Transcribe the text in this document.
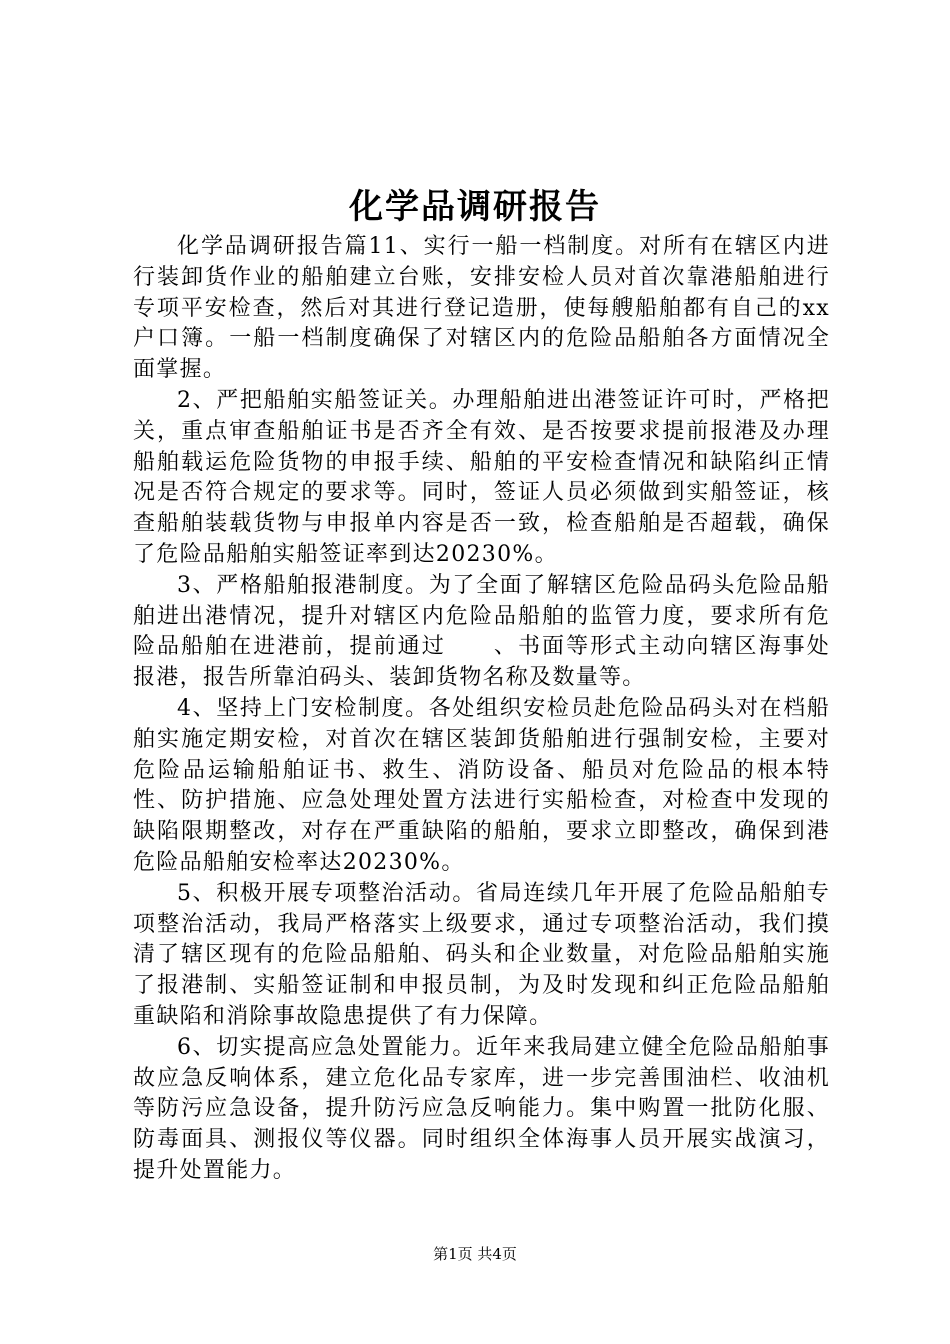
化学品调研报告

化学品调研报告篇11、实行一船一档制度。对所有在辖区内进行装卸货作业的船舶建立台账，安排安检人员对首次靠港船舶进行专项平安检查，然后对其进行登记造册，使每艘船舶都有自己的xx户口簿。一船一档制度确保了对辖区内的危险品船舶各方面情况全面掌握。

2、严把船舶实船签证关。办理船舶进出港签证许可时，严格把关，重点审查船舶证书是否齐全有效、是否按要求提前报港及办理船舶载运危险货物的申报手续、船舶的平安检查情况和缺陷纠正情况是否符合规定的要求等。同时，签证人员必须做到实船签证，核查船舶装载货物与申报单内容是否一致，检查船舶是否超载，确保了危险品船舶实船签证率到达20230%。

3、严格船舶报港制度。为了全面了解辖区危险品码头危险品船舶进出港情况，提升对辖区内危险品船舶的监管力度，要求所有危险品船舶在进港前，提前通过　　、书面等形式主动向辖区海事处报港，报告所靠泊码头、装卸货物名称及数量等。

4、坚持上门安检制度。各处组织安检员赴危险品码头对在档船舶实施定期安检，对首次在辖区装卸货船舶进行强制安检，主要对危险品运输船舶证书、救生、消防设备、船员对危险品的根本特性、防护措施、应急处理处置方法进行实船检查，对检查中发现的缺陷限期整改，对存在严重缺陷的船舶，要求立即整改，确保到港危险品船舶安检率达20230%。

5、积极开展专项整治活动。省局连续几年开展了危险品船舶专项整治活动，我局严格落实上级要求，通过专项整治活动，我们摸清了辖区现有的危险品船舶、码头和企业数量，对危险品船舶实施了报港制、实船签证制和申报员制，为及时发现和纠正危险品船舶重缺陷和消除事故隐患提供了有力保障。

6、切实提高应急处置能力。近年来我局建立健全危险品船舶事故应急反响体系，建立危化品专家库，进一步完善围油栏、收油机等防污应急设备，提升防污应急反响能力。集中购置一批防化服、防毒面具、测报仪等仪器。同时组织全体海事人员开展实战演习，提升处置能力。

第1页 共4页
